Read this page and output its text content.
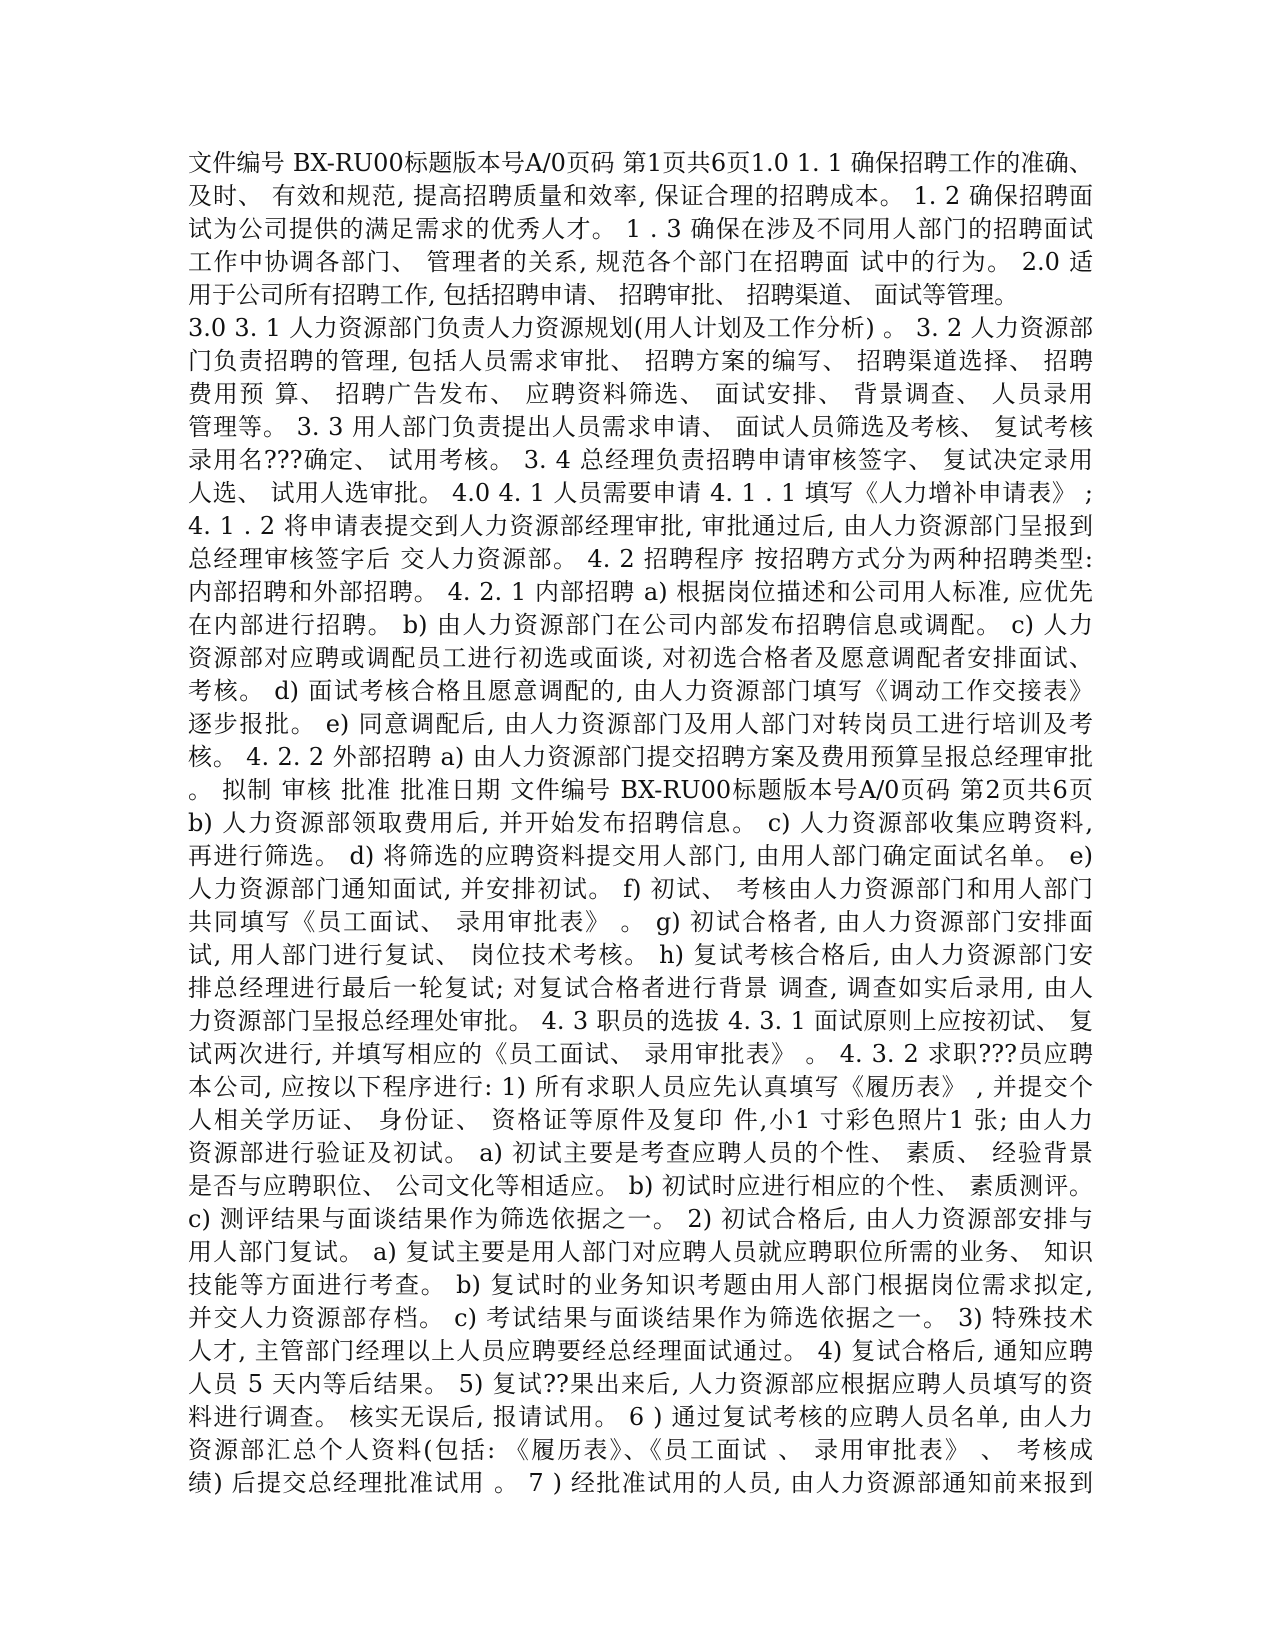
文件编号 BX-RU00标题版本号A/0页码 第1页共6页1.0 1. 1 确保招聘工作的准确、
及时、 有效和规范, 提高招聘质量和效率, 保证合理的招聘成本。 1. 2 确保招聘面
试为公司提供的满足需求的优秀人才。 1 . 3 确保在涉及不同用人部门的招聘面试
工作中协调各部门、 管理者的关系, 规范各个部门在招聘面 试中的行为。 2.0 适
用于公司所有招聘工作, 包括招聘申请、 招聘审批、 招聘渠道、 面试等管理。
3.0 3. 1 人力资源部门负责人力资源规划(用人计划及工作分析) 。 3. 2 人力资源部
门负责招聘的管理, 包括人员需求审批、 招聘方案的编写、 招聘渠道选择、 招聘
费用预 算、 招聘广告发布、 应聘资料筛选、 面试安排、 背景调查、 人员录用
管理等。 3. 3 用人部门负责提出人员需求申请、 面试人员筛选及考核、 复试考核
录用名???确定、 试用考核。 3. 4 总经理负责招聘申请审核签字、 复试决定录用
人选、 试用人选审批。 4.0 4. 1 人员需要申请 4. 1 . 1 填写《人力增补申请表》 ;
4. 1 . 2 将申请表提交到人力资源部经理审批, 审批通过后, 由人力资源部门呈报到
总经理审核签字后 交人力资源部。 4. 2 招聘程序 按招聘方式分为两种招聘类型:
内部招聘和外部招聘。 4. 2. 1 内部招聘 a) 根据岗位描述和公司用人标准, 应优先
在内部进行招聘。 b) 由人力资源部门在公司内部发布招聘信息或调配。 c) 人力
资源部对应聘或调配员工进行初选或面谈, 对初选合格者及愿意调配者安排面试、
考核。 d) 面试考核合格且愿意调配的, 由人力资源部门填写《调动工作交接表》
逐步报批。 e) 同意调配后, 由人力资源部门及用人部门对转岗员工进行培训及考
核。 4. 2. 2 外部招聘 a) 由人力资源部门提交招聘方案及费用预算呈报总经理审批
。 拟制 审核 批准 批准日期 文件编号 BX-RU00标题版本号A/0页码 第2页共6页
b) 人力资源部领取费用后, 并开始发布招聘信息。 c) 人力资源部收集应聘资料,
再进行筛选。 d) 将筛选的应聘资料提交用人部门, 由用人部门确定面试名单。 e)
人力资源部门通知面试, 并安排初试。 f) 初试、 考核由人力资源部门和用人部门
共同填写《员工面试、 录用审批表》 。 g) 初试合格者, 由人力资源部门安排面
试, 用人部门进行复试、 岗位技术考核。 h) 复试考核合格后, 由人力资源部门安
排总经理进行最后一轮复试; 对复试合格者进行背景 调查, 调查如实后录用, 由人
力资源部门呈报总经理处审批。 4. 3 职员的选拔 4. 3. 1 面试原则上应按初试、 复
试两次进行, 并填写相应的《员工面试、 录用审批表》 。 4. 3. 2 求职???员应聘
本公司, 应按以下程序进行: 1) 所有求职人员应先认真填写《履历表》 , 并提交个
人相关学历证、 身份证、 资格证等原件及复印 件,小1 寸彩色照片1 张; 由人力
资源部进行验证及初试。 a) 初试主要是考查应聘人员的个性、 素质、 经验背景
是否与应聘职位、 公司文化等相适应。 b) 初试时应进行相应的个性、 素质测评。
c) 测评结果与面谈结果作为筛选依据之一。 2) 初试合格后, 由人力资源部安排与
用人部门复试。 a) 复试主要是用人部门对应聘人员就应聘职位所需的业务、 知识
技能等方面进行考查。 b) 复试时的业务知识考题由用人部门根据岗位需求拟定,
并交人力资源部存档。 c) 考试结果与面谈结果作为筛选依据之一。 3) 特殊技术
人才, 主管部门经理以上人员应聘要经总经理面试通过。 4) 复试合格后, 通知应聘
人员 5 天内等后结果。 5) 复试??果出来后, 人力资源部应根据应聘人员填写的资
料进行调查。 核实无误后, 报请试用。 6 ) 通过复试考核的应聘人员名单, 由人力
资源部汇总个人资料(包括: 《履历表》、《员工面试 、 录用审批表》 、 考核成
绩) 后提交总经理批准试用 。 7 ) 经批准试用的人员, 由人力资源部通知前来报到
